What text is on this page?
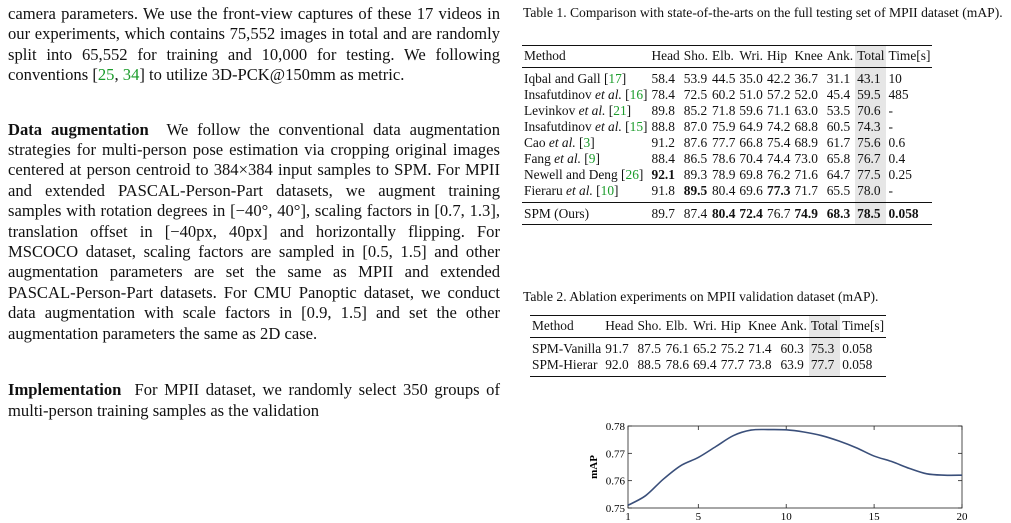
camera parameters. We use the front-view captures of these 17 videos in our experiments, which contains 75,552 images in total and are randomly split into 65,552 for training and 10,000 for testing. We following conventions [25, 34] to utilize 3D-PCK@150mm as metric.

Data augmentation We follow the conventional data augmentation strategies for multi-person pose estimation via cropping original images centered at person centroid to 384×384 input samples to SPM. For MPII and extended PASCAL-Person-Part datasets, we augment training samples with rotation degrees in [−40°, 40°], scaling factors in [0.7, 1.3], translation offset in [−40px, 40px] and horizontally flipping. For MSCOCO dataset, scaling factors are sampled in [0.5, 1.5] and other augmentation parameters are set the same as MPII and extended PASCAL-Person-Part datasets. For CMU Panoptic dataset, we conduct data augmentation with scale factors in [0.9, 1.5] and set the other augmentation parameters the same as 2D case.

Implementation For MPII dataset, we randomly select 350 groups of multi-person training samples as the validation

Table 1. Comparison with state-of-the-arts on the full testing set of MPII dataset (mAP).
Method	Head	Sho.	Elb.	Wri.	Hip	Knee	Ank.	Total	Time[s]
Iqbal and Gall [17]	58.4	53.9	44.5	35.0	42.2	36.7	31.1	43.1	10
Insafutdinov et al. [16]	78.4	72.5	60.2	51.0	57.2	52.0	45.4	59.5	485
Levinkov et al. [21]	89.8	85.2	71.8	59.6	71.1	63.0	53.5	70.6	-
Insafutdinov et al. [15]	88.8	87.0	75.9	64.9	74.2	68.8	60.5	74.3	-
Cao et al. [3]	91.2	87.6	77.7	66.8	75.4	68.9	61.7	75.6	0.6
Fang et al. [9]	88.4	86.5	78.6	70.4	74.4	73.0	65.8	76.7	0.4
Newell and Deng [26]	92.1	89.3	78.9	69.8	76.2	71.6	64.7	77.5	0.25
Fieraru et al. [10]	91.8	89.5	80.4	69.6	77.3	71.7	65.5	78.0	-
SPM (Ours)	89.7	87.4	80.4	72.4	76.7	74.9	68.3	78.5	0.058
Table 2. Ablation experiments on MPII validation dataset (mAP).
Method	Head	Sho.	Elb.	Wri.	Hip	Knee	Ank.	Total	Time[s]
SPM-Vanilla	91.7	87.5	76.1	65.2	75.2	71.4	60.3	75.3	0.058
SPM-Hierar	92.0	88.5	78.6	69.4	77.7	73.8	63.9	77.7	0.058
0.75
0.76
0.77
0.78
1	5	10	15	20
mAP
